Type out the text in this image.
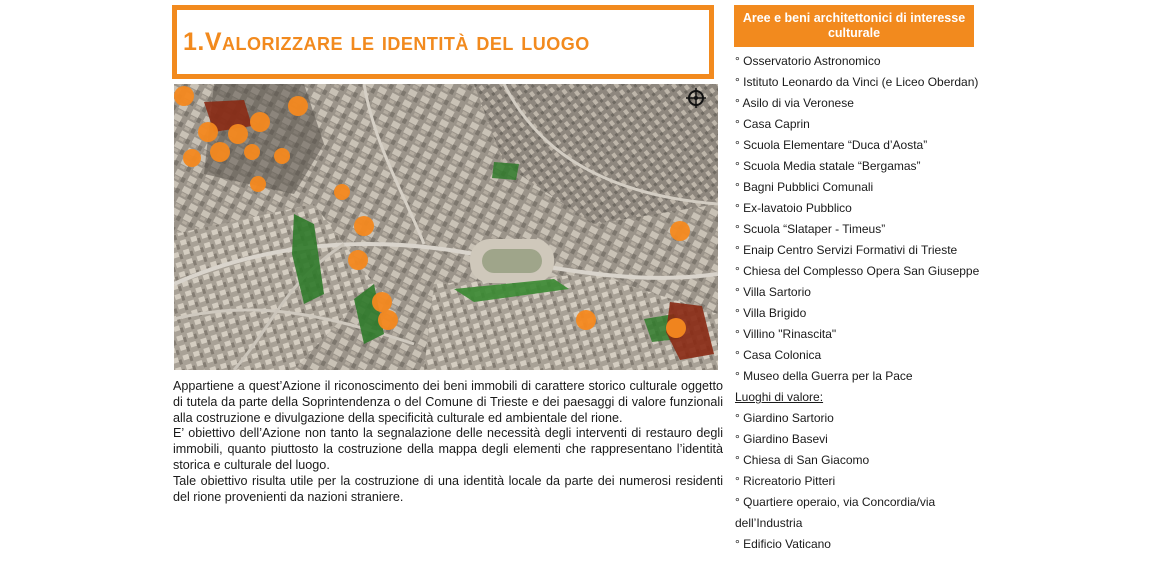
1.Valorizzare le identità del luogo

Appartiene a quest’Azione il riconoscimento dei beni immobili di carattere storico culturale oggetto di tutela da parte della Soprintendenza o del Comune di Trieste e dei paesaggi di valore funzionali alla costruzione e divulgazione della specificità culturale ed ambientale del rione.

E’ obiettivo dell’Azione non tanto la segnalazione delle necessità degli interventi di restauro degli immobili, quanto piuttosto la costruzione della mappa degli elementi che rappresentano l’identità storica e culturale del luogo.

Tale obiettivo risulta utile per la costruzione di una identità locale da parte dei numerosi residenti del rione provenienti da nazioni straniere.

Aree e beni architettonici di interesse culturale
° Osservatorio Astronomico
° Istituto Leonardo da Vinci (e Liceo Oberdan)
° Asilo di via Veronese
° Casa Caprin
° Scuola Elementare “Duca d’Aosta”
° Scuola Media statale “Bergamas”
° Bagni Pubblici Comunali
° Ex-lavatoio Pubblico
° Scuola “Slataper - Timeus”
° Enaip Centro Servizi Formativi di Trieste
° Chiesa del Complesso Opera San Giuseppe
° Villa Sartorio
° Villa Brigido
° Villino "Rinascita"
° Casa Colonica
° Museo della Guerra per la Pace
Luoghi di valore:
° Giardino Sartorio
° Giardino Basevi
° Chiesa di San Giacomo
° Ricreatorio Pitteri
° Quartiere operaio, via Concordia/via
dell’Industria
° Edificio Vaticano
